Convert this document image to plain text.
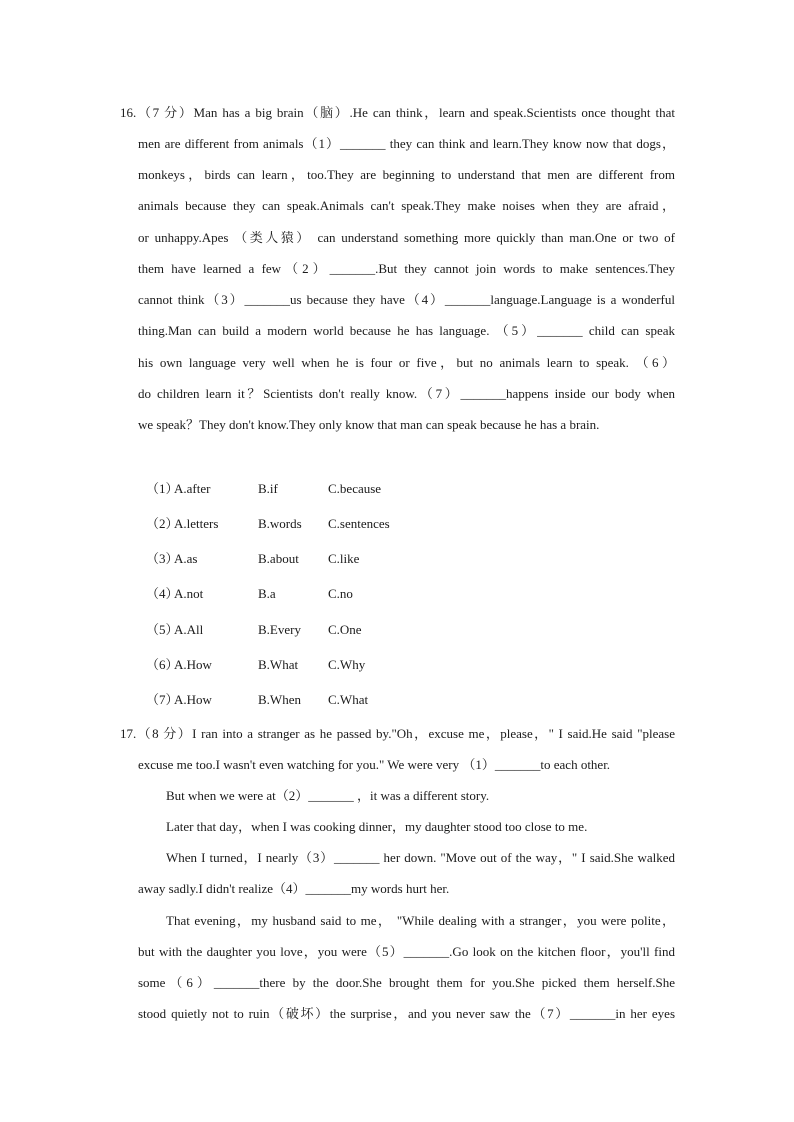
16.（7 分）Man has a big brain（脑）.He can think，learn and speak.Scientists once thought that
men are different from animals（1）_______ they can think and learn.They know now that dogs，
monkeys，birds can learn，too.They are beginning to understand that men are different from
animals because they can speak.Animals can't speak.They make noises when they are afraid，
or unhappy.Apes （类人猿） can understand something more quickly than man.One or two of
them have learned a few（2）_______.But they cannot join words to make sentences.They
cannot think（3）_______us because they have（4）_______language.Language is a wonderful
thing.Man can build a modern world because he has language. （5）_______ child can speak
his own language very well when he is four or five，but no animals learn to speak. （6）
do children learn it？Scientists don't really know.（7）_______happens inside our body when
we speak？They don't know.They only know that man can speak because he has a brain.
（1）
A.after	B.if	C.because
（2）
A.letters	B.words C.sentences
（3）
A.as	B.about C.like
（4）
A.not	B.a	C.no
（5）
A.All	B.Every C.One
（6）
A.How	B.What C.Why
（7）
A.How	B.When C.What
17.（8 分）I ran into a stranger as he passed by."Oh，excuse me，please，" I said.He said "please
excuse me too.I wasn't even watching for you." We were very （1）_______to each other.
But when we were at（2）_______ ，it was a different story.
Later that day，when I was cooking dinner，my daughter stood too close to me.
When I turned，I nearly（3）_______ her down. "Move out of the way，" I said.She walked
away sadly.I didn't realize（4）_______my words hurt her.
That evening，my husband said to me， "While dealing with a stranger，you were polite，
but with the daughter you love，you were（5）_______.Go look on the kitchen floor，you'll find
some（6）_______there by the door.She brought them for you.She picked them herself.She
stood quietly not to ruin（破坏）the surprise，and you never saw the（7）_______in her eyes
